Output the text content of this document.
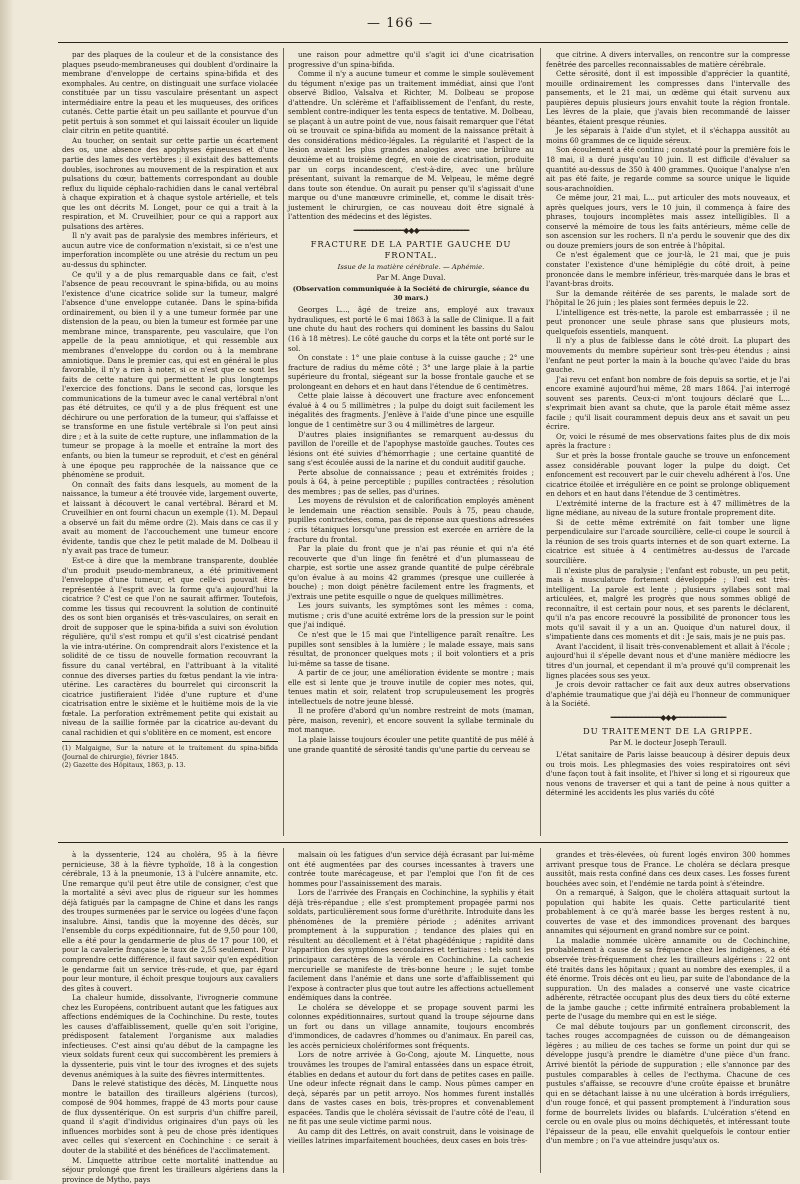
— 166 —

par des plaques de la couleur et de la consistance des plaques pseudo-membraneuses qui doublent d'ordinaire la membrane d'enveloppe de certains spina-bifida et des exomphales. Au centre, on distinguait une surface violacée constituée par un tissu vasculaire présentant un aspect intermédiaire entre la peau et les muqueuses, des orifices cutanés. Cette partie était un peu saillante et pourvue d'un petit pertuis à son sommet et qui laissait écouler un liquide clair citrin en petite quantité.

Au toucher, on sentait sur cette partie un écartement des os, une absence des apophyses épineuses et d'une partie des lames des vertèbres ; il existait des battements doubles, isochrones au mouvement de la respiration et aux pulsations du cœur, battements correspondant au double reflux du liquide céphalo-rachidien dans le canal vertébral à chaque expiration et à chaque systole artérielle, et tels que les ont décrits M. Longet, pour ce qui a trait à la respiration, et M. Cruveilhier, pour ce qui a rapport aux pulsations des artères.

Il n'y avait pas de paralysie des membres inférieurs, et aucun autre vice de conformation n'existait, si ce n'est une imperforation incomplète ou une atrésie du rectum un peu au-dessus du sphincter.

Ce qu'il y a de plus remarquable dans ce fait, c'est l'absence de peau recouvrant le spina-bifida, ou au moins l'existence d'une cicatrice solide sur la tumeur, malgré l'absence d'une enveloppe cutanée. Dans le spina-bifida ordinairement, ou bien il y a une tumeur formée par une distension de la peau, ou bien la tumeur est formée par une membrane mince, transparente, peu vasculaire, que l'on appelle de la peau amniotique, et qui ressemble aux membranes d'enveloppe du cordon ou à la membrane amniotique. Dans le premier cas, qui est en général le plus favorable, il n'y a rien à noter, si ce n'est que ce sont les faits de cette nature qui permettent le plus longtemps l'exercice des fonctions. Dans le second cas, lorsque les communications de la tumeur avec le canal vertébral n'ont pas été détruites, ce qu'il y a de plus fréquent est une déchirure ou une perforation de la tumeur, qui s'affaisse et se transforme en une fistule vertébrale si l'on peut ainsi dire ; et à la suite de cette rupture, une inflammation de la tumeur se propage à la moelle et entraîne la mort des enfants, ou bien la tumeur se reproduit, et c'est en général à une époque peu rapprochée de la naissance que ce phénomène se produit.

On connaît des faits dans lesquels, au moment de la naissance, la tumeur a été trouvée vide, largement ouverte, et laissant à découvert le canal vertébral. Bérard et M. Cruveilhier en ont fourni chacun un exemple (1). M. Depaul a observé un fait du même ordre (2). Mais dans ce cas il y avait au moment de l'accouchement une tumeur encore évidente, tandis que chez le petit malade de M. Dolbeau il n'y avait pas trace de tumeur.

Est-ce à dire que la membrane transparente, doublée d'un produit pseudo-membraneux, a été primitivement l'enveloppe d'une tumeur, et que celle-ci pouvait être représentée à l'esprit avec la forme qu'a aujourd'hui la cicatrice ? C'est ce que l'on ne saurait affirmer. Toutefois, comme les tissus qui recouvrent la solution de continuité des os sont bien organisés et très-vasculaires, on serait en droit de supposer que le spina-bifida a suivi son évolution régulière, qu'il s'est rompu et qu'il s'est cicatrisé pendant la vie intra-utérine. On comprendrait alors l'existence et la solidité de ce tissu de nouvelle formation recouvrant la fissure du canal vertébral, en l'attribuant à la vitalité connue des diverses parties du fœtus pendant la vie intra-utérine. Les caractères du bourrelet qui circonscrit la cicatrice justifieraient l'idée d'une rupture et d'une cicatrisation entre le sixième et le huitième mois de la vie fœtale. La perforation extrêmement petite qui existait au niveau de la saillie formée par la cicatrice au-devant du canal rachidien et qui s'oblitère en ce moment, est encore

(1) Malgaigne, Sur la nature et le traitement du spina-bifida (Journal de chirurgie), février 1845.
(2) Gazette des Hôpitaux, 1863, p. 13.

une raison pour admettre qu'il s'agit ici d'une cicatrisation progressive d'un spina-bifida.

Comme il n'y a aucune tumeur et comme le simple soulèvement du tégument n'exige pas un traitement immédiat, ainsi que l'ont observé Bidloo, Valsalva et Richter, M. Dolbeau se propose d'attendre. Un sclérème et l'affaiblissement de l'enfant, du reste, semblent contre-indiquer les tenta especs de tentative. M. Dolbeau, se plaçant à un autre point de vue, nous faisait remarquer que l'état où se trouvait ce spina-bifida au moment de la naissance prêtait à des considérations médico-légales. La régularité et l'aspect de la lésion avaient les plus grandes analogies avec une brûlure au deuxième et au troisième degré, en voie de cicatrisation, produite par un corps incandescent, c'est-à-dire, avec une brûlure présentant, suivant la remarque de M. Velpeau, le même degré dans toute son étendue. On aurait pu penser qu'il s'agissait d'une marque ou d'une manœuvre criminelle, et, comme le disait très-justement le chirurgien, ce cas nouveau doit être signalé à l'attention des médecins et des légistes.

━━━━━━━━━━━━━◆◆◆━━━━━━━━━━━━━
FRACTURE DE LA PARTIE GAUCHE DU FRONTAL.
Issue de la matière cérébrale. — Aphémie.
Par M. Ange Duval.
(Observation communiquée à la Société de chirurgie, séance du 30 mars.)

Georges L..., âgé de treize ans, employé aux travaux hydrauliques, est porté le 6 mai 1863 à la salle de Clinique. Il a fait une chute du haut des rochers qui dominent les bassins du Salou (16 à 18 mètres). Le côté gauche du corps et la tête ont porté sur le sol.

On constate : 1° une plaie contuse à la cuisse gauche ; 2° une fracture de radius du même côté ; 3° une large plaie à la partie supérieure du frontal, siégeant sur la bosse frontale gauche et se prolongeant en dehors et en haut dans l'étendue de 6 centimètres.

Cette plaie laisse à découvert une fracture avec enfoncement évalué à 4 ou 5 millimètres ; la pulpe du doigt suit facilement les inégalités des fragments. J'enlève à l'aide d'une pince une esquille longue de 1 centimètre sur 3 ou 4 millimètres de largeur.

D'autres plaies insignifiantes se remarquent au-dessus du pavillon de l'oreille et de l'apophyse mastoïde gauches. Toutes ces lésions ont été suivies d'hémorrhagie ; une certaine quantité de sang s'est écoulée aussi de la narine et du conduit auditif gauche.

Perte absolue de connaissance ; peau et extrémités froides ; pouls à 64, à peine perceptible ; pupilles contractées ; résolution des membres ; pas de selles, pas d'urines.

Les moyens de révulsion et de calorification employés amènent le lendemain une réaction sensible. Pouls à 75, peau chaude, pupilles contractées, coma, pas de réponse aux questions adressées ; cris tétaniques lorsqu'une pression est exercée en arrière de la fracture du frontal.

Par la plaie du front que je n'ai pas réunie et qui n'a été recouverte que d'un linge fin fenêtré et d'un plumasseau de charpie, est sortie une assez grande quantité de pulpe cérébrale qu'on évalue à au moins 42 grammes (presque une cuillerée à bouche) ; mon doigt pénètre facilement entre les fragments, et j'extrais une petite esquille o ngue de quelques millimètres.

Les jours suivants, les symptômes sont les mêmes : coma, mutisme ; cris d'une acuité extrême lors de la pression sur le point que j'ai indiqué.

Ce n'est que le 15 mai que l'intelligence paraît renaître. Les pupilles sont sensibles à la lumière ; le malade essaye, mais sans résultat, de prononcer quelques mots ; il boit volontiers et a pris lui-même sa tasse de tisane.

A partir de ce jour, une amélioration évidente se montre ; mais elle est si lente que je trouve inutile de copier mes notes, qui, tenues matin et soir, relatent trop scrupuleusement les progrès intellectuels de notre jeune blessé.

Il ne profère d'abord qu'un nombre restreint de mots (maman, père, maison, revenir), et encore souvent la syllabe terminale du mot manque.

La plaie laisse toujours écouler une petite quantité de pus mêlé à une grande quantité de sérosité tandis qu'une partie du cerveau se

que citrine. A divers intervalles, on rencontre sur la compresse fenêtrée des parcelles reconnaissables de matière cérébrale.

Cette sérosité, dont il est impossible d'apprécier la quantité, mouille ordinairement les compresses dans l'intervalle des pansements, et le 21 mai, un œdème qui était survenu aux paupières depuis plusieurs jours envahit toute la région frontale. Les lèvres de la plaie, que j'avais bien recommandé de laisser béantes, étaient presque réunies.

Je les séparais à l'aide d'un stylet, et il s'échappa aussitôt au moins 60 grammes de ce liquide séreux.

Son écoulement a été continu ; constaté pour la première fois le 18 mai, il a duré jusqu'au 10 juin. Il est difficile d'évaluer sa quantité au-dessus de 350 à 400 grammes. Quoique l'analyse n'en ait pas été faite, je regarde comme sa source unique le liquide sous-arachnoïdien.

Ce même jour, 21 mai, L... put articuler des mots nouveaux, et après quelques jours, vers le 10 juin, il commença à faire des phrases, toujours incomplètes mais assez intelligibles. Il a conservé la mémoire de tous les faits antérieurs, même celle de son ascension sur les rochers. Il n'a perdu le souvenir que des dix ou douze premiers jours de son entrée à l'hôpital.

Ce n'est également que ce jour-là, le 21 mai, que je puis constater l'existence d'une hémiplégie du côté droit, à peine prononcée dans le membre inférieur, très-marquée dans le bras et l'avant-bras droits.

Sur la demande réitérée de ses parents, le malade sort de l'hôpital le 26 juin ; les plaies sont fermées depuis le 22.

L'intelligence est très-nette, la parole est embarrassée ; il ne peut prononcer une seule phrase sans que plusieurs mots, quelquefois essentiels, manquent.

Il n'y a plus de faiblesse dans le côté droit. La plupart des mouvements du membre supérieur sont très-peu étendus ; ainsi l'enfant ne peut porter la main à la bouche qu'avec l'aide du bras gauche.

J'ai revu cet enfant bon nombre de fois depuis sa sortie, et je l'ai encore examiné aujourd'hui même, 28 mars 1864. J'ai interrogé souvent ses parents. Ceux-ci m'ont toujours déclaré que L... s'exprimait bien avant sa chute, que la parole était même assez facile ; qu'il lisait couramment depuis deux ans et savait un peu écrire.

Or, voici le résumé de mes observations faites plus de dix mois après la fracture :

Sur et près la bosse frontale gauche se trouve un enfoncement assez considérable pouvant loger la pulpe du doigt. Cet enfoncement est recouvert par le cuir chevelu adhérent à l'os. Une cicatrice étoilée et irrégulière en ce point se prolonge obliquement en dehors et en haut dans l'étendue de 3 centimètres.

L'extrémité interne de la fracture est à 47 millimètres de la ligne médiane, au niveau de la suture frontale proprement dite.

Si de cette même extrémité on fait tomber une ligne perpendiculaire sur l'arcade sourcilière, celle-ci coupe le sourcil à la réunion de ses trois quarts internes et de son quart externe. La cicatrice est située à 4 centimètres au-dessus de l'arcade sourcilière.

Il n'existe plus de paralysie ; l'enfant est robuste, un peu petit, mais à musculature fortement développée ; l'œil est très-intelligent. La parole est lente ; plusieurs syllabes sont mal articulées, et, malgré les progrès que nous sommes obligé de reconnaître, il est certain pour nous, et ses parents le déclarent, qu'il n'a pas encore recouvré la possibilité de prononcer tous les mots qu'il savait il y a un an. Quoique d'un naturel doux, il s'impatiente dans ces moments et dit : Je sais, mais je ne puis pas.

Avant l'accident, il lisait très-convenablement et allait à l'école ; aujourd'hui il s'épelle devant nous et d'une manière médiocre les titres d'un journal, et cependant il m'a prouvé qu'il comprenait les lignes placées sous ses yeux.

Je crois devoir rattacher ce fait aux deux autres observations d'aphémie traumatique que j'ai déjà eu l'honneur de communiquer à la Société.

━━━━━━━━━━━━━◆◆◆━━━━━━━━━━━━━
DU TRAITEMENT DE LA GRIPPE.
Par M. le docteur Joseph Teraull.

L'état sanitaire de Paris laisse beaucoup à désirer depuis deux ou trois mois. Les phlegmasies des voies respiratoires ont sévi d'une façon tout à fait insolite, et l'hiver si long et si rigoureux que nous venons de traverser et qui a tant de peine à nous quitter a déterminé les accidents les plus variés du côté

à la dyssenterie, 124 au choléra, 95 à la fièvre pernicieuse, 38 à la fièvre typhoïde, 18 à la congestion cérébrale, 13 à la pneumonie, 13 à l'ulcère annamite, etc. Une remarque qu'il peut être utile de consigner, c'est que la mortalité a sévi avec plus de rigueur sur les hommes déjà fatigués par la campagne de Chine et dans les rangs des troupes surmenées par le service ou logées d'une façon insalubre. Ainsi, tandis que la moyenne des décès, sur l'ensemble du corps expéditionnaire, fut de 9,50 pour 100, elle a été pour la gendarmerie de plus de 17 pour 100, et pour la cavalerie française le taux de 2,55 seulement. Pour comprendre cette différence, il faut savoir qu'en expédition le gendarme fait un service très-rude, et que, par égard pour leur monture, il échoit presque toujours aux cavaliers des gîtes à couvert.

La chaleur humide, dissolvante, l'ivrognerie commune chez les Européens, contribuent autant que les fatigues aux affections endémiques de la Cochinchine. Du reste, toutes les causes d'affaiblissement, quelle qu'en soit l'origine, prédisposent fatalement l'organisme aux maladies infectieuses. C'est ainsi qu'au début de la campagne les vieux soldats furent ceux qui succombèrent les premiers à la dyssenterie, puis vint le tour des ivrognes et des sujets devenus anémiques à la suite des fièvres intermittentes.

Dans le relevé statistique des décès, M. Linquette nous montre le bataillon des tirailleurs algériens (turcos), composé de 904 hommes, frappé de 43 morts pour cause de flux dyssentérique. On est surpris d'un chiffre pareil, quand il s'agit d'individus originaires d'un pays où les influences morbides sont à peu de chose près identiques avec celles qui s'exercent en Cochinchine : ce serait à douter de la stabilité et des bénéfices de l'acclimatement.

M. Linquette attribue cette mortalité inattendue au séjour prolongé que firent les tirailleurs algériens dans la province de Mytho, pays

malsain où les fatigues d'un service déjà écrasant par lui-même ont été augmentées par des courses incessantes à travers une contrée toute marécageuse, et par l'emploi que l'on fit de ces hommes pour l'assainissement des marais.

Lors de l'arrivée des Français en Cochinchine, la syphilis y était déjà très-répandue ; elle s'est promptement propagée parmi nos soldats, particulièrement sous forme d'uréthrite. Introduite dans les phénomènes de la première période ; adénites arrivant promptement à la suppuration ; tendance des plaies qui en résultent au décollement et à l'état phagédénique ; rapidité dans l'apparition des symptômes secondaires et tertiaires : tels sont les principaux caractères de la vérole en Cochinchine. La cachexie mercurielle se manifeste de très-bonne heure ; le sujet tombe facilement dans l'anémie et dans une sorte d'affaiblissement qui l'expose à contracter plus que tout autre les affections actuellement endémiques dans la contrée.

Le choléra se développe et se propage souvent parmi les colonnes expéditionnaires, surtout quand la troupe séjourne dans un fort ou dans un village annamite, toujours encombrés d'immondices, de cadavres d'hommes ou d'animaux. En pareil cas, les accès pernicieux cholériformes sont fréquents.

Lors de notre arrivée à Go-Cong, ajoute M. Linquette, nous trouvâmes les troupes de l'amiral entassées dans un espace étroit, établies en dedans et autour du fort dans de petites cases en paille. Une odeur infecte régnait dans le camp. Nous pûmes camper en deçà, séparés par un petit arroyo. Nos hommes furent installés dans de vastes cases en bois, très-propres et convenablement espacées. Tandis que le choléra sévissait de l'autre côté de l'eau, il ne fit pas une seule victime parmi nous.

Au camp dit des Lettrés, on avait construit, dans le voisinage de vieilles latrines imparfaitement bouchées, deux cases en bois très-

grandes et très-élevées, où furent logés environ 300 hommes arrivant presque tous de France. Le choléra se déclara presque aussitôt, mais resta confiné dans ces deux cases. Les fosses furent bouchées avec soin, et l'endémie ne tarda point à s'éteindre.

On a remarqué, à Saïgon, que le choléra attaquait surtout la population qui habite les quais. Cette particularité tient probablement à ce qu'à marée basse les berges restent à nu, couvertes de vase et des immondices provenant des barques annamites qui séjournent en grand nombre sur ce point.

La maladie nommée ulcère annamite ou de Cochinchine, probablement à cause de sa fréquence chez les indigènes, a été observée très-fréquemment chez les tirailleurs algériens : 22 ont été traités dans les hôpitaux ; quant au nombre des exemples, il a été énorme. Trois décès ont eu lieu, par suite de l'abondance de la suppuration. Un des malades a conservé une vaste cicatrice adhérente, rétractée occupant plus des deux tiers du côté externe de la jambe gauche ; cette infirmité entraînera probablement la perte de l'usage du membre qui en est le siége.

Ce mal débute toujours par un gonflement circonscrit, des taches rouges accompagnées de cuisson ou de démangeaison légères ; au milieu de ces taches se forme un point dur qui se développe jusqu'à prendre le diamètre d'une pièce d'un franc. Arrivé bientôt la période de suppuration ; elle s'annonce par des pustules comparables à celles de l'ecthyma. Chacune de ces pustules s'affaisse, se recouvre d'une croûte épaisse et brunâtre qui en se détachant laisse à nu une ulcération à bords irréguliers, d'un rouge foncé, et qui passent promptement à l'induration sous forme de bourrelets livides ou blafards. L'ulcération s'étend en cercle ou en ovale plus ou moins déchiquetés, et intéressant toute l'épaisseur de la peau, elle envahit quelquefois le contour entier d'un membre ; on l'a vue atteindre jusqu'aux os.
